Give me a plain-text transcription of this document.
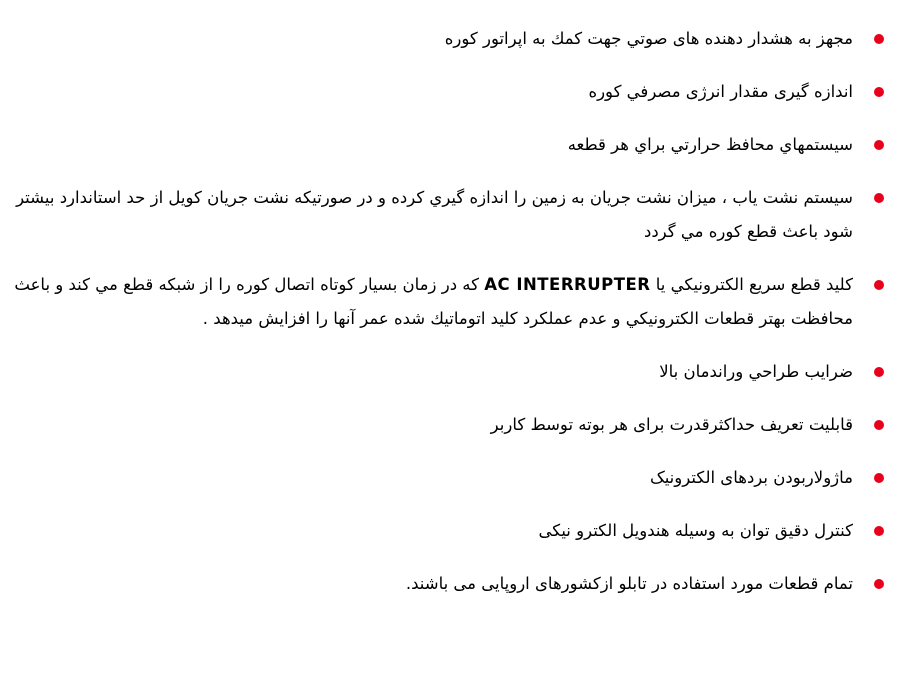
مجهز به هشدار دهنده های صوتي جهت كمك به اپراتور كوره
اندازه گيری مقدار انرژی مصرفي كوره
سيستمهاي محافظ حرارتي براي هر قطعه
سيستم نشت ياب ، ميزان نشت جريان به زمين را اندازه گيري كرده و در صورتيكه نشت جريان كويل از حد استاندارد بيشتر
شود باعث قطع كوره مي گردد
كليد قطع سريع الكترونيكي يا AC INTERRUPTER كه در زمان بسيار كوتاه اتصال كوره را از شبكه قطع مي كند و باعث
محافظت بهتر قطعات الكترونيكي و عدم عملكرد كليد اتوماتيك شده عمر آنها را افزايش ميدهد .
ضرايب طراحي وراندمان بالا
قابليت تعريف حداكثرقدرت برای هر بوته توسط كاربر
ماژولاربودن بردهای الكترونيک
كنترل دقيق توان به وسيله هندويل الكترو نيكی
تمام قطعات مورد استفاده در تابلو ازكشورهای اروپايی می باشند.
